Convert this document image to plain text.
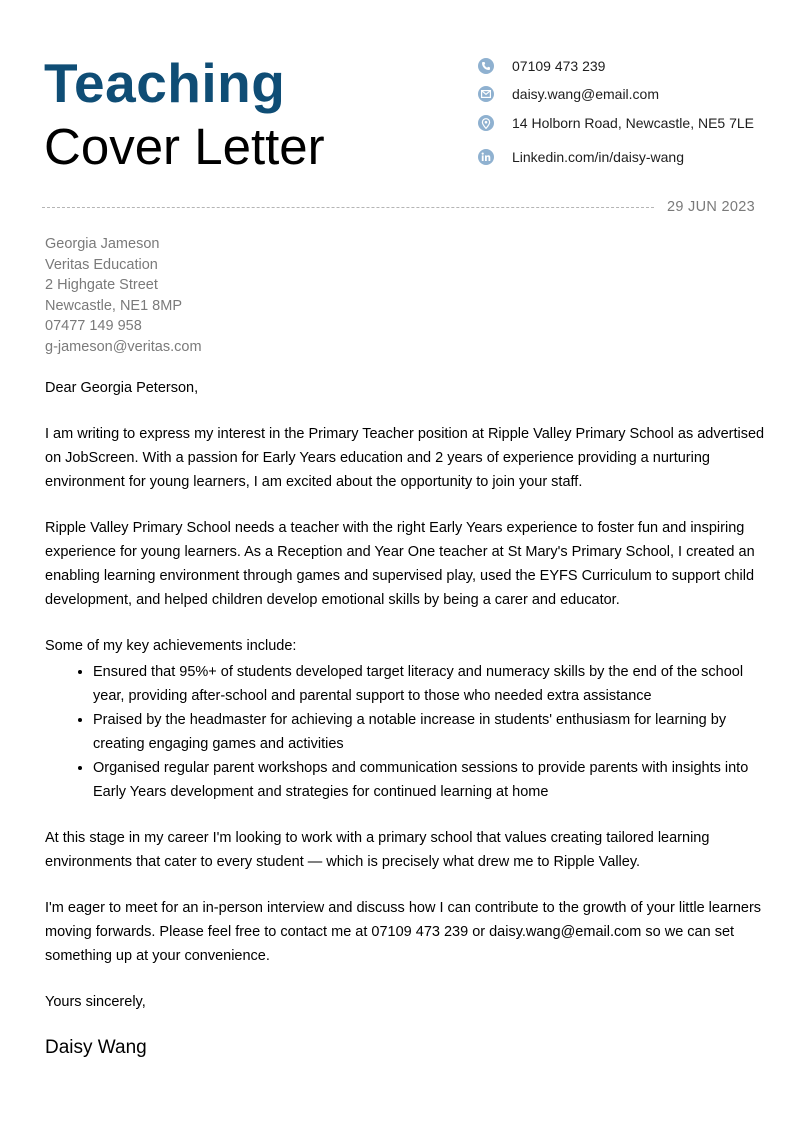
Teaching
Cover Letter
07109 473 239
daisy.wang@email.com
14 Holborn Road, Newcastle, NE5 7LE
Linkedin.com/in/daisy-wang
29 JUN 2023
Georgia Jameson
Veritas Education
2 Highgate Street
Newcastle, NE1 8MP
07477 149 958
g-jameson@veritas.com

Dear Georgia Peterson,

I am writing to express my interest in the Primary Teacher position at Ripple Valley Primary School as advertised on JobScreen. With a passion for Early Years education and 2 years of experience providing a nurturing environment for young learners, I am excited about the opportunity to join your staff.

Ripple Valley Primary School needs a teacher with the right Early Years experience to foster fun and inspiring experience for young learners. As a Reception and Year One teacher at St Mary's Primary School, I created an enabling learning environment through games and supervised play, used the EYFS Curriculum to support child development, and helped children develop emotional skills by being a carer and educator.

Some of my key achievements include:

• Ensured that 95%+ of students developed target literacy and numeracy skills by the end of the school year, providing after-school and parental support to those who needed extra assistance
• Praised by the headmaster for achieving a notable increase in students' enthusiasm for learning by creating engaging games and activities
• Organised regular parent workshops and communication sessions to provide parents with insights into Early Years development and strategies for continued learning at home

At this stage in my career I'm looking to work with a primary school that values creating tailored learning environments that cater to every student — which is precisely what drew me to Ripple Valley.

I'm eager to meet for an in-person interview and discuss how I can contribute to the growth of your little learners moving forwards. Please feel free to contact me at 07109 473 239 or daisy.wang@email.com so we can set something up at your convenience.

Yours sincerely,

Daisy Wang
